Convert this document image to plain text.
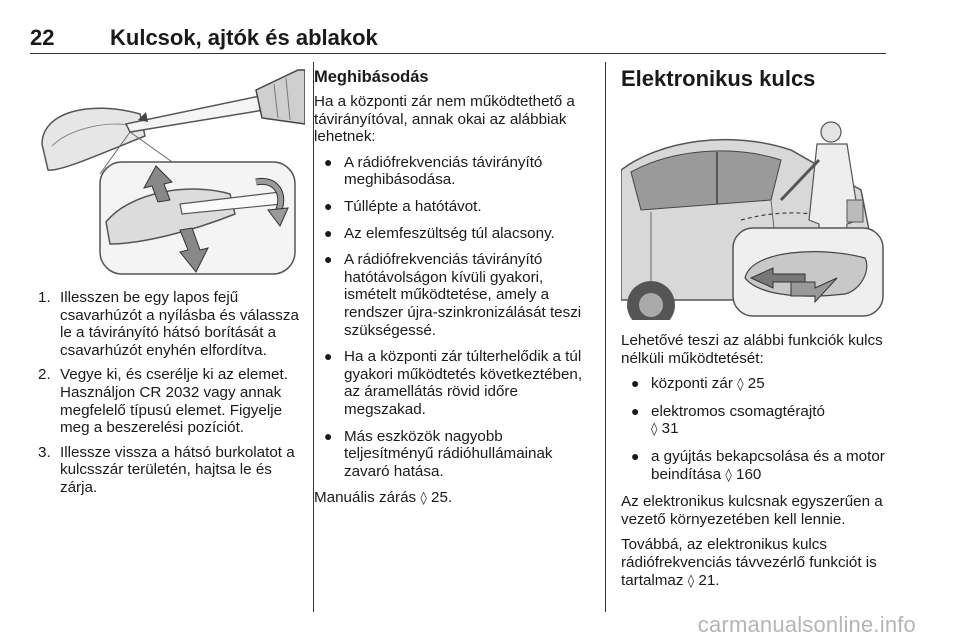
22	Kulcsok, ajtók és ablakok
1. Illesszen be egy lapos fejű csavarhúzót a nyílásba és válassza le a távirányító hátsó borítását a csavarhúzót enyhén elfordítva.
2. Vegye ki, és cserélje ki az elemet. Használjon CR 2032 vagy annak megfelelő típusú elemet. Figyelje meg a beszerelési pozíciót.
3. Illessze vissza a hátsó burkolatot a kulcsszár területén, hajtsa le és zárja.
Meghibásodás

Ha a központi zár nem működtethető a távirányítóval, annak okai az alábbiak lehetnek:

● A rádiófrekvenciás távirányító meghibásodása.
● Túllépte a hatótávot.
● Az elemfeszültség túl alacsony.
● A rádiófrekvenciás távirányító hatótávolságon kívüli gyakori, ismételt működtetése, amely a rendszer újra-szinkronizálását teszi szükségessé.
● Ha a központi zár túlterhelődik a túl gyakori működtetés következtében, az áramellátás rövid időre megszakad.
● Más eszközök nagyobb teljesítményű rádióhullámainak zavaró hatása.

Manuális zárás ◊ 25.

Elektronikus kulcs

Lehetővé teszi az alábbi funkciók kulcs nélküli működtetését:

● központi zár ◊ 25
● elektromos csomagtérajtó
◊ 31
● a gyújtás bekapcsolása és a motor beindítása ◊ 160

Az elektronikus kulcsnak egyszerűen a vezető környezetében kell lennie.

Továbbá, az elektronikus kulcs rádiófrekvenciás távvezérlő funkciót is tartalmaz ◊ 21.

carmanualsonline.info
